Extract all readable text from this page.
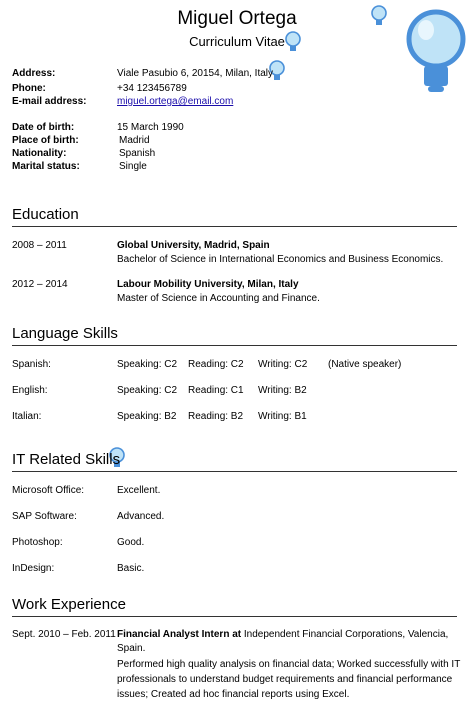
Miguel Ortega
Curriculum Vitae
Address:	Viale Pasubio 6, 20154, Milan, Italy
Phone:	+34 123456789
E-mail address:	miguel.ortega@email.com
Date of birth:	15 March 1990
Place of birth:	Madrid
Nationality:	Spanish
Marital status:	Single
Education
2008 – 2011	Global University, Madrid, Spain
Bachelor of Science in International Economics and Business Economics.
2012 – 2014	Labour Mobility University, Milan, Italy
Master of Science in Accounting and Finance.
Language Skills
Spanish:	Speaking: C2 Reading: C2 Writing: C2 (Native speaker)
English:	Speaking: C2 Reading: C1 Writing: B2
Italian:	Speaking: B2 Reading: B2 Writing: B1
IT Related Skills
Microsoft Office:	Excellent.
SAP Software:	Advanced.
Photoshop:	Good.
InDesign:	Basic.
Work Experience
Sept. 2010 – Feb. 2011 Financial Analyst Intern at Independent Financial Corporations, Valencia,
Spain.
Performed high quality analysis on financial data; Worked successfully with IT
professionals to understand budget requirements and financial performance
issues; Created ad hoc financial reports using Excel.
